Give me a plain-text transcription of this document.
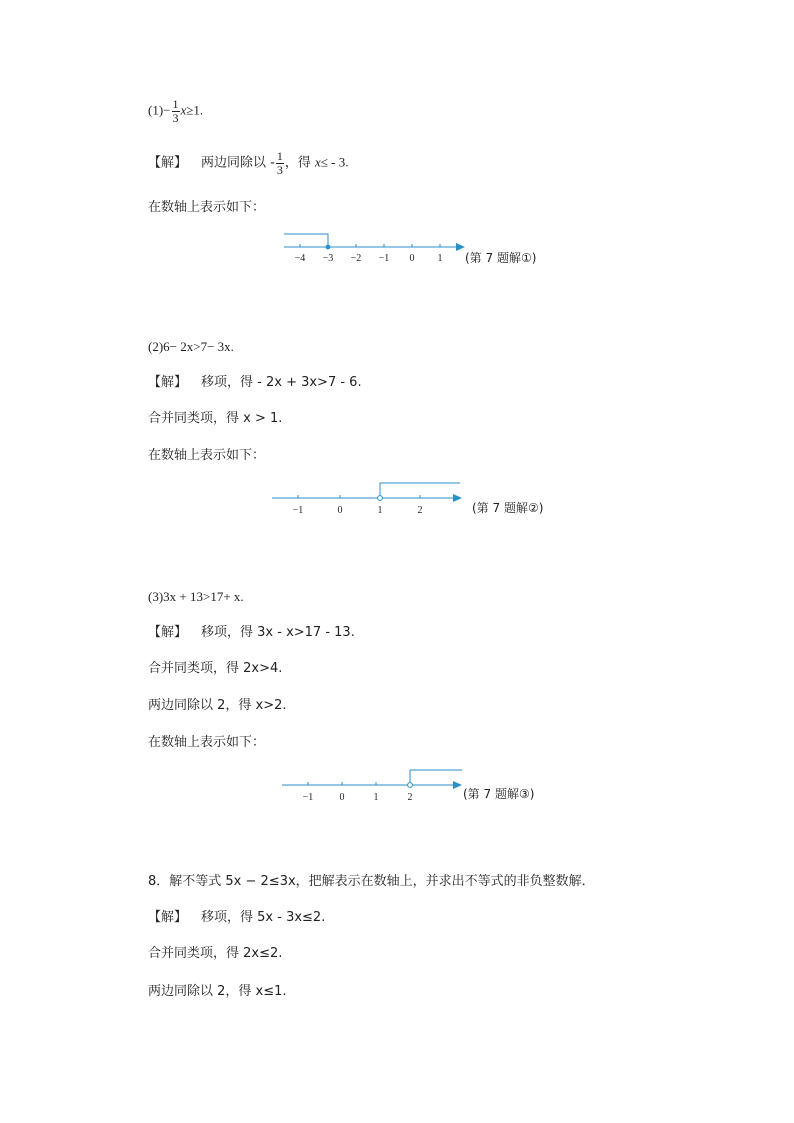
$(1)- \frac{1}{3} x\ge 1$.
【解】 两边同除以 - $\frac{1}{3}$ ，得 x≤ - 3.
在数轴上表示如下：
−4 −3 −2 −1 0 1 (第 7 题解①)
(2)6− 2x>7− 3x.
【解】 移项，得 - 2x + 3x>7 - 6.
合并同类项，得 x > 1.
在数轴上表示如下：
−1	0	1	2	(第 7 题解②)
(3)3x + 13>17+ x.
【解】 移项，得 3x - x>17 - 13.
合并同类项，得 2x>4.
两边同除以 2，得 x>2.
在数轴上表示如下：
−1	0	1	2	(第 7 题解③)
8．解不等式 5x − 2≤3x，把解表示在数轴上，并求出不等式的非负整数解．
【解】 移项，得 5x - 3x≤2.
合并同类项，得 2x≤2.
两边同除以 2，得 x≤1.
